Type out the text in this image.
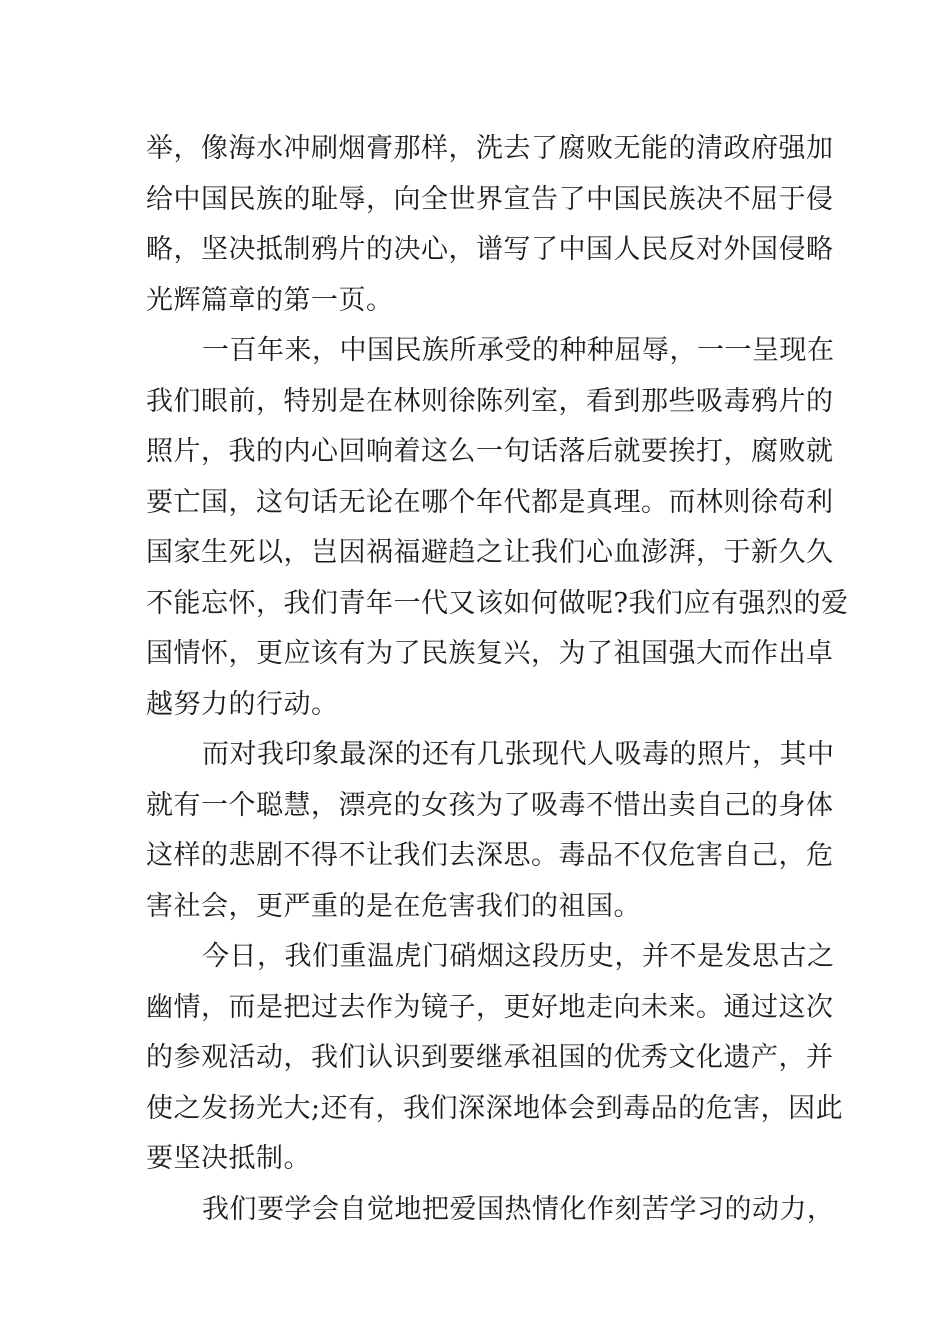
举，像海水冲刷烟膏那样，洗去了腐败无能的清政府强加
给中国民族的耻辱，向全世界宣告了中国民族决不屈于侵
略，坚决抵制鸦片的决心，谱写了中国人民反对外国侵略
光辉篇章的第一页。
一百年来，中国民族所承受的种种屈辱，一一呈现在
我们眼前，特别是在林则徐陈列室，看到那些吸毒鸦片的
照片，我的内心回响着这么一句话落后就要挨打，腐败就
要亡国，这句话无论在哪个年代都是真理。而林则徐苟利
国家生死以，岂因祸福避趋之让我们心血澎湃，于新久久
不能忘怀，我们青年一代又该如何做呢?我们应有强烈的爱
国情怀，更应该有为了民族复兴，为了祖国强大而作出卓
越努力的行动。
而对我印象最深的还有几张现代人吸毒的照片，其中
就有一个聪慧，漂亮的女孩为了吸毒不惜出卖自己的身体
这样的悲剧不得不让我们去深思。毒品不仅危害自己，危
害社会，更严重的是在危害我们的祖国。
今日，我们重温虎门硝烟这段历史，并不是发思古之
幽情，而是把过去作为镜子，更好地走向未来。通过这次
的参观活动，我们认识到要继承祖国的优秀文化遗产，并
使之发扬光大;还有，我们深深地体会到毒品的危害，因此
要坚决抵制。
我们要学会自觉地把爱国热情化作刻苦学习的动力，
